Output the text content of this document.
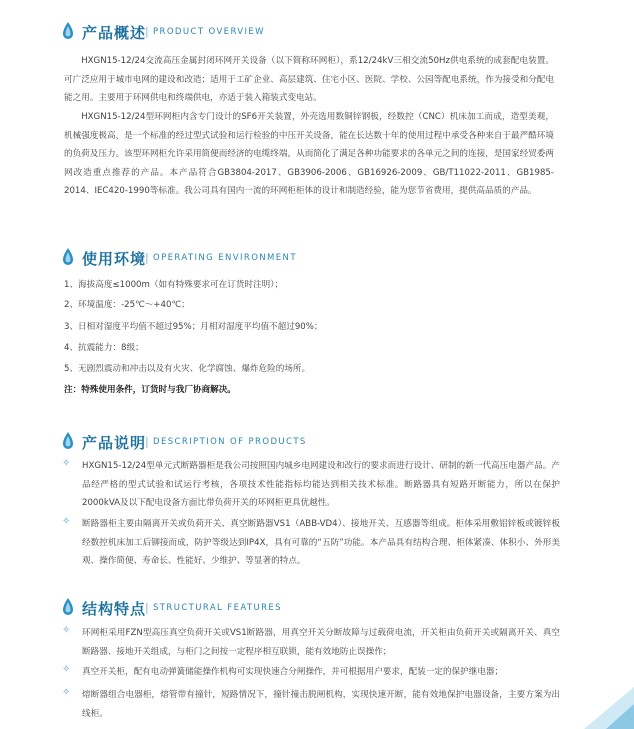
产品概述
| PRODUCT OVERVIEW

HXGN15-12/24交流高压金属封闭环网开关设备（以下简称环网柜），系12/24kV三相交流50Hz供电系统的成套配电装置。可广泛应用于城市电网的建设和改造；适用于工矿企业、高层建筑、住宅小区、医院、学校、公园等配电系统，作为接受和分配电能之用。主要用于环网供电和终端供电，亦适于装入箱装式变电站。

HXGN15-12/24型环网柜内含专门设计的SF6开关装置，外壳选用数铜锌钢板，经数控（CNC）机床加工而成，造型美观，机械强度极高，是一个标准的经过型式试验和运行检验的中压开关设备，能在长达数十年的使用过程中承受各种来自于最严酷环境的负荷及压力。该型环网柜允许采用简便而经济的电缆终端，从而简化了满足各种功能要求的各单元之间的连接，是国家经贸委两网改造重点推荐的产品。本产品符合GB3804-2017、GB3906-2006、GB16926-2009、GB/T11022-2011、GB1985-2014、IEC420-1990等标准。我公司具有国内一流的环网柜柜体的设计和制造经验，能为您节省费用，提供高品质的产品。

使用环境
| OPERATING ENVIRONMENT

1、海拔高度≤1000m（如有特殊要求可在订货时注明）；

2、环境温度：-25℃～+40℃；

3、日相对湿度平均值不超过95%；月相对湿度平均值不超过90%；

4、抗震能力：8级；

5、无剧烈震动和冲击以及有火灾、化学腐蚀、爆炸危险的场所。

注：特殊使用条件，订货时与我厂协商解决。

产品说明
| DESCRIPTION OF PRODUCTS
✧ HXGN15-12/24型单元式断路器柜是我公司按照国内城乡电网建设和改行的要求而进行设计、研制的新一代高压电器产品。产品经严格的型式试验和试运行考核，各项技术性能指标均能达到相关技术标准。断路器具有短路开断能力，所以在保护2000kVA及以下配电设备方面比带负荷开关的环网柜更具优越性。

✧ 断路器柜主要由隔离开关或负荷开关、真空断路器VS1（ABB-VD4）、接地开关、互感器等组成。柜体采用敷铝锌板或镀锌板经数控机床加工后铆接而成，防护等级达到IP4X，具有可靠的“五防”功能。本产品具有结构合理、柜体紧凑、体积小、外形美观、操作简便、寿命长、性能好、少维护、等显著的特点。

结构特点
| STRUCTURAL FEATURES
✧ 环网柜采用FZN型高压真空负荷开关或VS1断路器，用真空开关分断故障与过载荷电流，开关柜由负荷开关或隔离开关、真空断路器、接地开关组成，与柜门之间按一定程序相互联锁，能有效地防止误操作；

✧ 真空开关柜，配有电动弹簧储能操作机构可实现快速合分闸操作，并可根据用户要求，配装一定的保护继电器；

✧ 熔断器组合电器柜，熔管带有撞针，短路情况下，撞针撞击脱闸机构，实现快速开断，能有效地保护电器设备，主要方案为出线柜。
